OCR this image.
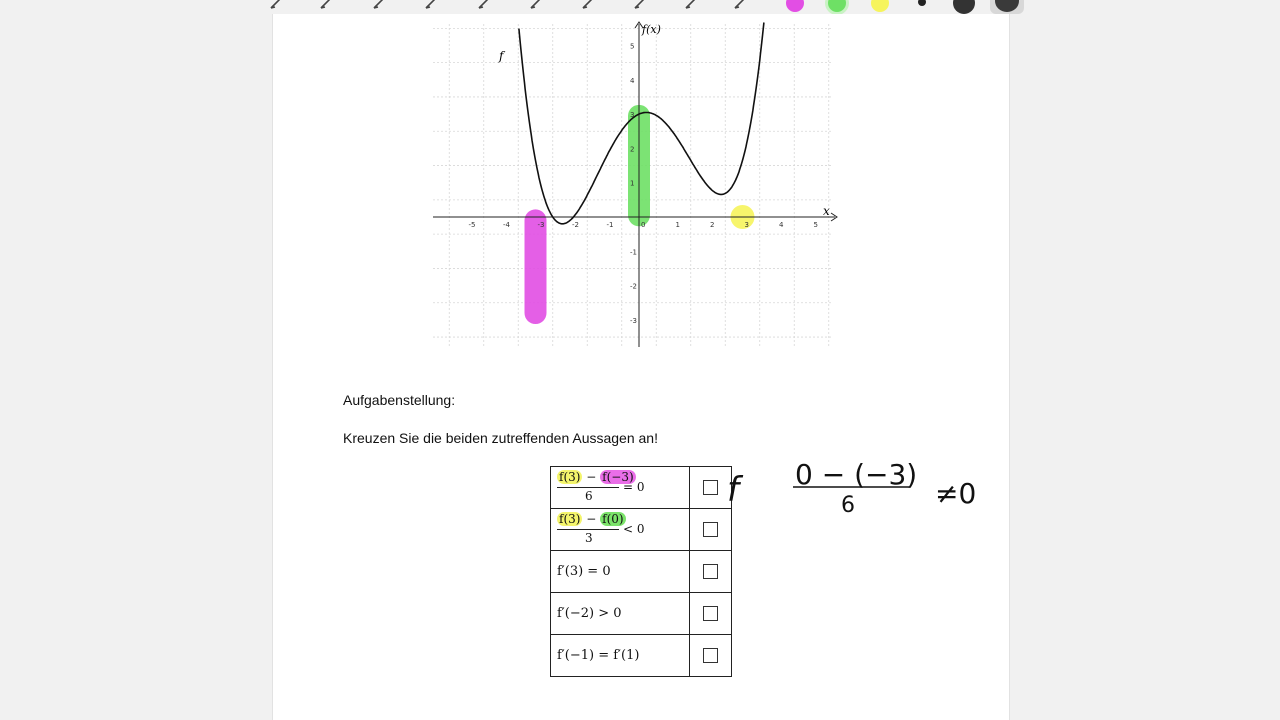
-5	-4	-3	-2	-1	0	1	2	3	4	5
5
4
3
2
1
-1
-2
-3
f
f(x)
x
Aufgabenstellung:
Kreuzen Sie die beiden zutreffenden Aussagen an!
f(3) − f(−3)
6
= 0	

f(3) − f(0)
3
< 0	

f′(3) = 0	

f′(−2) > 0	

f′(−1) = f′(1)	

f 0 − (−3)
6	≠0
